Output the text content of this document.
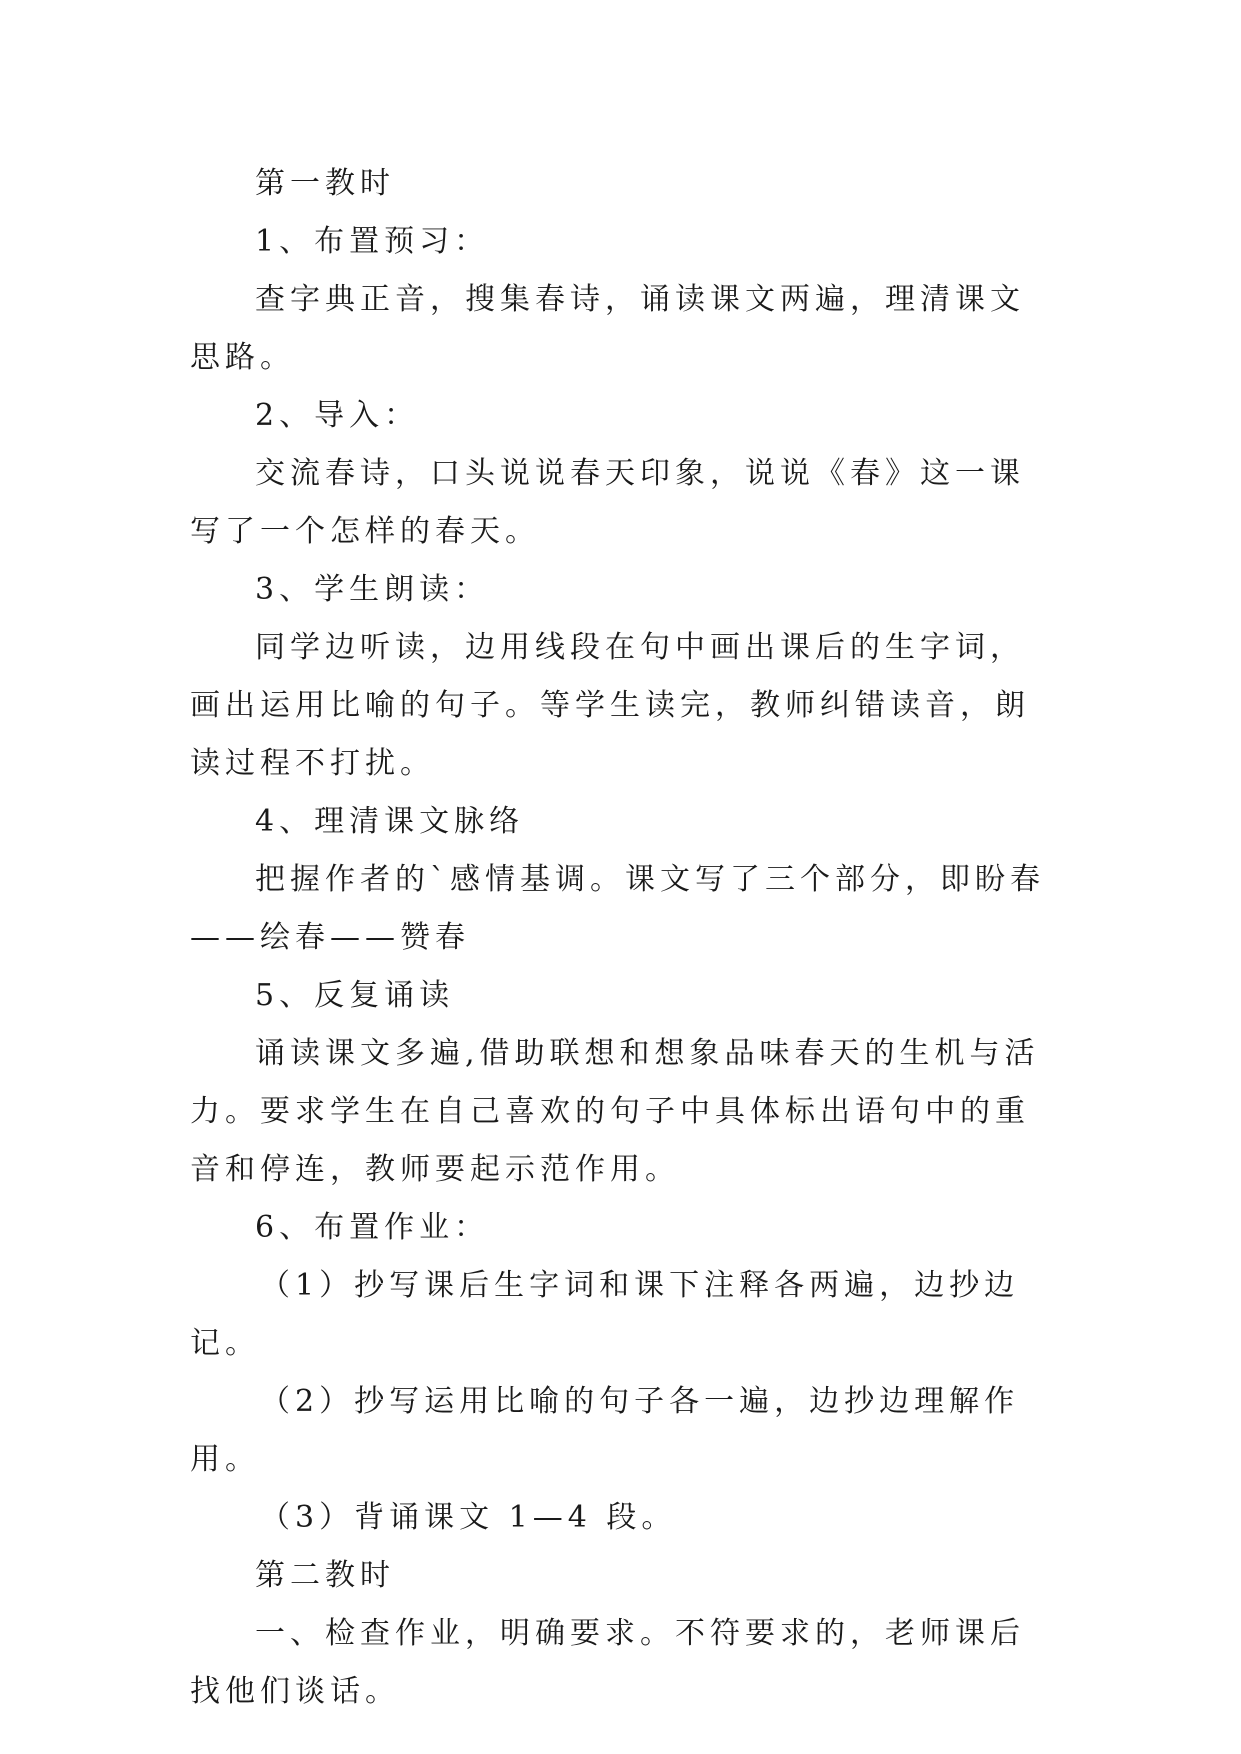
第一教时

1、布置预习：

查字典正音，搜集春诗，诵读课文两遍，理清课文思路。

2、导入：

交流春诗，口头说说春天印象，说说《春》这一课写了一个怎样的春天。

3、学生朗读：

同学边听读，边用线段在句中画出课后的生字词，画出运用比喻的句子。等学生读完，教师纠错读音，朗读过程不打扰。

4、理清课文脉络

把握作者的`感情基调。课文写了三个部分，即盼春——绘春——赞春

5、反复诵读

诵读课文多遍,借助联想和想象品味春天的生机与活力。要求学生在自己喜欢的句子中具体标出语句中的重音和停连，教师要起示范作用。

6、布置作业：

（1）抄写课后生字词和课下注释各两遍，边抄边记。

（2）抄写运用比喻的句子各一遍，边抄边理解作用。

（3）背诵课文 1—4 段。

第二教时

一、检查作业，明确要求。不符要求的，老师课后找他们谈话。
